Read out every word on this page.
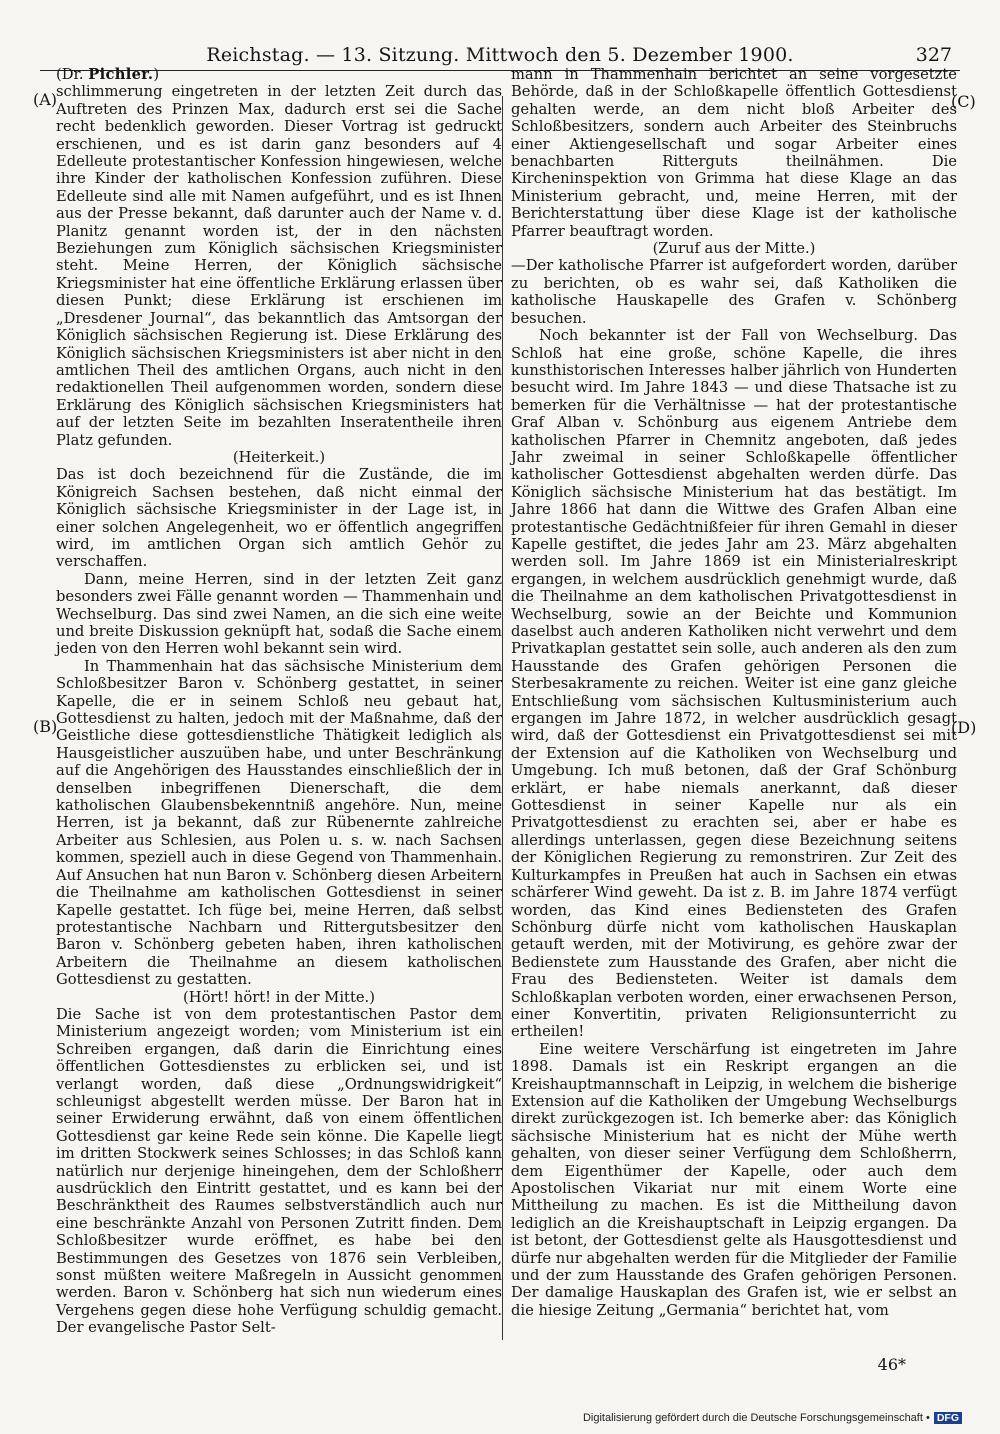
Reichstag. — 13. Sitzung. Mittwoch den 5. Dezember 1900.	327
(A)
(B)
(C)
(D)

(Dr. Pichler.)

schlimmerung eingetreten in der letzten Zeit durch das Auftreten des Prinzen Max, dadurch erst sei die Sache recht bedenklich geworden. Dieser Vortrag ist gedruckt erschienen, und es ist darin ganz besonders auf 4 Edelleute protestantischer Konfession hingewiesen, welche ihre Kinder der katholischen Konfession zuführen. Diese Edelleute sind alle mit Namen aufgeführt, und es ist Ihnen aus der Presse bekannt, daß darunter auch der Name v. d. Planitz genannt worden ist, der in den nächsten Beziehungen zum Königlich sächsischen Kriegsminister steht. Meine Herren, der Königlich sächsische Kriegsminister hat eine öffentliche Erklärung erlassen über diesen Punkt; diese Erklärung ist erschienen im „Dresdener Journal“, das bekanntlich das Amtsorgan der Königlich sächsischen Regierung ist. Diese Erklärung des Königlich sächsischen Kriegsministers ist aber nicht in den amtlichen Theil des amtlichen Organs, auch nicht in den redaktionellen Theil aufgenommen worden, sondern diese Erklärung des Königlich sächsischen Kriegsministers hat auf der letzten Seite im bezahlten Inseratentheile ihren Platz gefunden.

(Heiterkeit.)

Das ist doch bezeichnend für die Zustände, die im Königreich Sachsen bestehen, daß nicht einmal der Königlich sächsische Kriegsminister in der Lage ist, in einer solchen Angelegenheit, wo er öffentlich angegriffen wird, im amtlichen Organ sich amtlich Gehör zu verschaffen.

Dann, meine Herren, sind in der letzten Zeit ganz besonders zwei Fälle genannt worden — Thammenhain und Wechselburg. Das sind zwei Namen, an die sich eine weite und breite Diskussion geknüpft hat, sodaß die Sache einem jeden von den Herren wohl bekannt sein wird.

In Thammenhain hat das sächsische Ministerium dem Schloßbesitzer Baron v. Schönberg gestattet, in seiner Kapelle, die er in seinem Schloß neu gebaut hat, Gottesdienst zu halten, jedoch mit der Maßnahme, daß der Geistliche diese gottesdienstliche Thätigkeit lediglich als Hausgeistlicher auszuüben habe, und unter Beschränkung auf die Angehörigen des Hausstandes einschließlich der in denselben inbegriffenen Dienerschaft, die dem katholischen Glaubensbekenntniß angehöre. Nun, meine Herren, ist ja bekannt, daß zur Rübenernte zahlreiche Arbeiter aus Schlesien, aus Polen u. s. w. nach Sachsen kommen, speziell auch in diese Gegend von Thammenhain. Auf Ansuchen hat nun Baron v. Schönberg diesen Arbeitern die Theilnahme am katholischen Gottesdienst in seiner Kapelle gestattet. Ich füge bei, meine Herren, daß selbst protestantische Nachbarn und Rittergutsbesitzer den Baron v. Schönberg gebeten haben, ihren katholischen Arbeitern die Theilnahme an diesem katholischen Gottesdienst zu gestatten.

(Hört! hört! in der Mitte.)

Die Sache ist von dem protestantischen Pastor dem Ministerium angezeigt worden; vom Ministerium ist ein Schreiben ergangen, daß darin die Einrichtung eines öffentlichen Gottesdienstes zu erblicken sei, und ist verlangt worden, daß diese „Ordnungswidrigkeit“ schleunigst abgestellt werden müsse. Der Baron hat in seiner Erwiderung erwähnt, daß von einem öffentlichen Gottesdienst gar keine Rede sein könne. Die Kapelle liegt im dritten Stockwerk seines Schlosses; in das Schloß kann natürlich nur derjenige hineingehen, dem der Schloßherr ausdrücklich den Eintritt gestattet, und es kann bei der Beschränktheit des Raumes selbstverständlich auch nur eine beschränkte Anzahl von Personen Zutritt finden. Dem Schloßbesitzer wurde eröffnet, es habe bei den Bestimmungen des Gesetzes von 1876 sein Verbleiben, sonst müßten weitere Maßregeln in Aussicht genommen werden. Baron v. Schönberg hat sich nun wiederum eines Vergehens gegen diese hohe Verfügung schuldig gemacht. Der evangelische Pastor Selt-

mann in Thammenhain berichtet an seine vorgesetzte Behörde, daß in der Schloßkapelle öffentlich Gottesdienst gehalten werde, an dem nicht bloß Arbeiter des Schloßbesitzers, sondern auch Arbeiter des Steinbruchs einer Aktiengesellschaft und sogar Arbeiter eines benachbarten Ritterguts theilnähmen. Die Kircheninspektion von Grimma hat diese Klage an das Ministerium gebracht, und, meine Herren, mit der Berichterstattung über diese Klage ist der katholische Pfarrer beauftragt worden.

(Zuruf aus der Mitte.)

—Der katholische Pfarrer ist aufgefordert worden, darüber zu berichten, ob es wahr sei, daß Katholiken die katholische Hauskapelle des Grafen v. Schönberg besuchen.

Noch bekannter ist der Fall von Wechselburg. Das Schloß hat eine große, schöne Kapelle, die ihres kunsthistorischen Interesses halber jährlich von Hunderten besucht wird. Im Jahre 1843 — und diese Thatsache ist zu bemerken für die Verhältnisse — hat der protestantische Graf Alban v. Schönburg aus eigenem Antriebe dem katholischen Pfarrer in Chemnitz angeboten, daß jedes Jahr zweimal in seiner Schloßkapelle öffentlicher katholischer Gottesdienst abgehalten werden dürfe. Das Königlich sächsische Ministerium hat das bestätigt. Im Jahre 1866 hat dann die Wittwe des Grafen Alban eine protestantische Gedächtnißfeier für ihren Gemahl in dieser Kapelle gestiftet, die jedes Jahr am 23. März abgehalten werden soll. Im Jahre 1869 ist ein Ministerialreskript ergangen, in welchem ausdrücklich genehmigt wurde, daß die Theilnahme an dem katholischen Privatgottesdienst in Wechselburg, sowie an der Beichte und Kommunion daselbst auch anderen Katholiken nicht verwehrt und dem Privatkaplan gestattet sein solle, auch anderen als den zum Hausstande des Grafen gehörigen Personen die Sterbesakramente zu reichen. Weiter ist eine ganz gleiche Entschließung vom sächsischen Kultusministerium auch ergangen im Jahre 1872, in welcher ausdrücklich gesagt wird, daß der Gottesdienst ein Privatgottesdienst sei mit der Extension auf die Katholiken von Wechselburg und Umgebung. Ich muß betonen, daß der Graf Schönburg erklärt, er habe niemals anerkannt, daß dieser Gottesdienst in seiner Kapelle nur als ein Privatgottesdienst zu erachten sei, aber er habe es allerdings unterlassen, gegen diese Bezeichnung seitens der Königlichen Regierung zu remonstriren. Zur Zeit des Kulturkampfes in Preußen hat auch in Sachsen ein etwas schärferer Wind geweht. Da ist z. B. im Jahre 1874 verfügt worden, das Kind eines Bediensteten des Grafen Schönburg dürfe nicht vom katholischen Hauskaplan getauft werden, mit der Motivirung, es gehöre zwar der Bedienstete zum Hausstande des Grafen, aber nicht die Frau des Bediensteten. Weiter ist damals dem Schloßkaplan verboten worden, einer erwachsenen Person, einer Konvertitin, privaten Religionsunterricht zu ertheilen!

Eine weitere Verschärfung ist eingetreten im Jahre 1898. Damals ist ein Reskript ergangen an die Kreishauptmannschaft in Leipzig, in welchem die bisherige Extension auf die Katholiken der Umgebung Wechselburgs direkt zurückgezogen ist. Ich bemerke aber: das Königlich sächsische Ministerium hat es nicht der Mühe werth gehalten, von dieser seiner Verfügung dem Schloßherrn, dem Eigenthümer der Kapelle, oder auch dem Apostolischen Vikariat nur mit einem Worte eine Mittheilung zu machen. Es ist die Mittheilung davon lediglich an die Kreishauptschaft in Leipzig ergangen. Da ist betont, der Gottesdienst gelte als Hausgottesdienst und dürfe nur abgehalten werden für die Mitglieder der Familie und der zum Hausstande des Grafen gehörigen Personen. Der damalige Hauskaplan des Grafen ist, wie er selbst an die hiesige Zeitung „Germania“ berichtet hat, vom

46*
Digitalisierung gefördert durch die Deutsche Forschungsgemeinschaft • DFG
